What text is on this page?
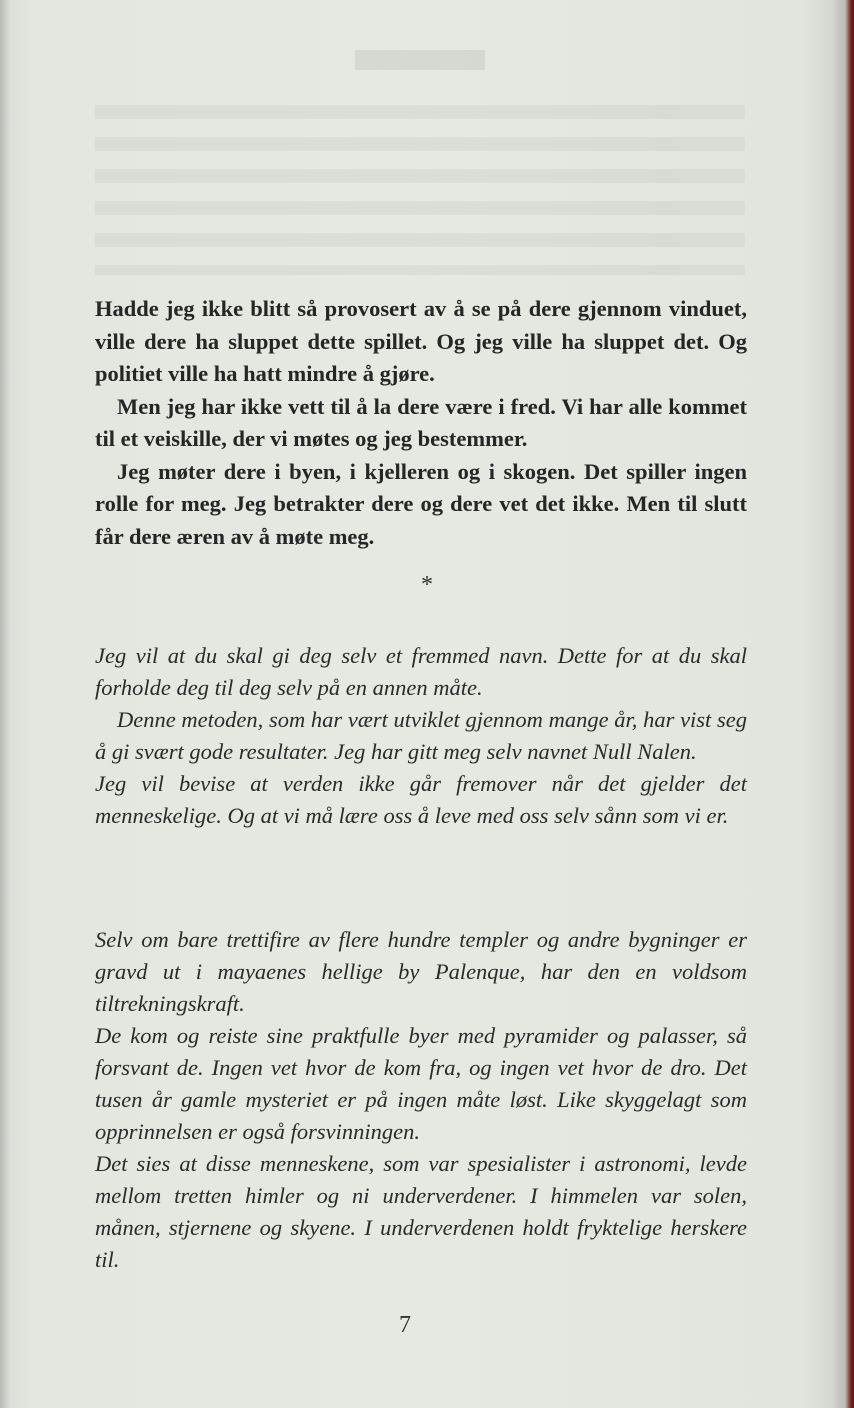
Hadde jeg ikke blitt så provosert av å se på dere gjennom vinduet, ville dere ha sluppet dette spillet. Og jeg ville ha sluppet det. Og politiet ville ha hatt mindre å gjøre.

Men jeg har ikke vett til å la dere være i fred. Vi har alle kommet til et veiskille, der vi møtes og jeg bestemmer.

Jeg møter dere i byen, i kjelleren og i skogen. Det spiller ingen rolle for meg. Jeg betrakter dere og dere vet det ikke. Men til slutt får dere æren av å møte meg.

*

Jeg vil at du skal gi deg selv et fremmed navn. Dette for at du skal forholde deg til deg selv på en annen måte.

Denne metoden, som har vært utviklet gjennom mange år, har vist seg å gi svært gode resultater. Jeg har gitt meg selv navnet Null Nalen.

Jeg vil bevise at verden ikke går fremover når det gjelder det menneskelige. Og at vi må lære oss å leve med oss selv sånn som vi er.

Selv om bare trettifire av flere hundre templer og andre bygninger er gravd ut i mayaenes hellige by Palenque, har den en voldsom tiltrekningskraft.

De kom og reiste sine praktfulle byer med pyramider og palasser, så forsvant de. Ingen vet hvor de kom fra, og ingen vet hvor de dro. Det tusen år gamle mysteriet er på ingen måte løst. Like skyggelagt som opprinnelsen er også forsvinningen.

Det sies at disse menneskene, som var spesialister i astronomi, levde mellom tretten himler og ni underverdener. I himmelen var solen, månen, stjernene og skyene. I underverdenen holdt fryktelige herskere til.

7
